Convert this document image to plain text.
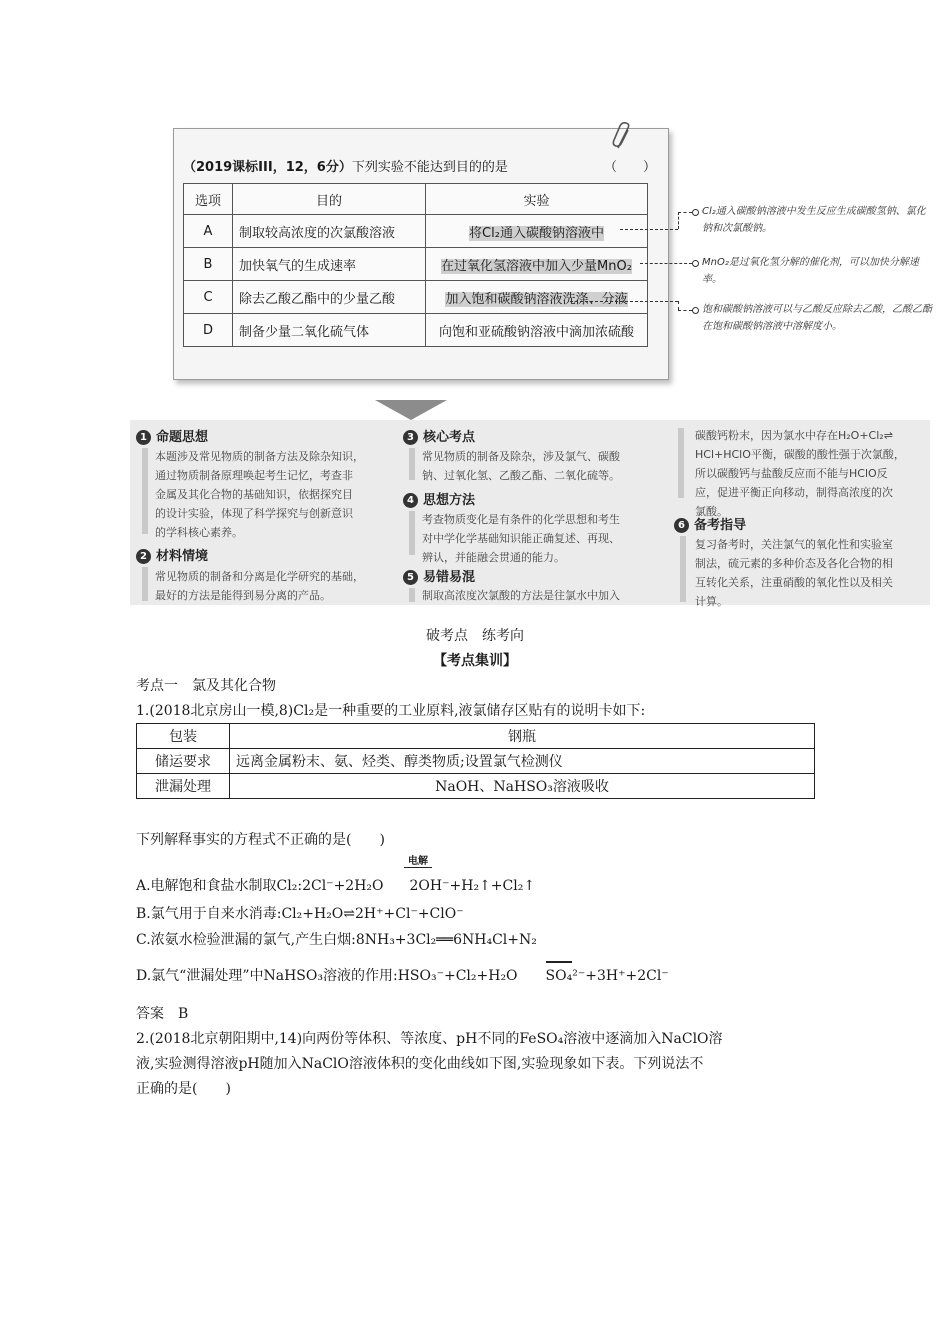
（2019课标III，12，6分）下列实验不能达到目的的是	（　　）
选项	目的	实验
A	制取较高浓度的次氯酸溶液	将Cl₂通入碳酸钠溶液中
B	加快氧气的生成速率	在过氧化氢溶液中加入少量MnO₂
C	除去乙酸乙酯中的少量乙酸	加入饱和碳酸钠溶液洗涤、分液
D	制备少量二氧化硫气体	向饱和亚硫酸钠溶液中滴加浓硫酸
Cl₂通入碳酸钠溶液中发生反应生成碳酸氢钠、氯化钠和次氯酸钠。
MnO₂是过氧化氢分解的催化剂，可以加快分解速率。
饱和碳酸钠溶液可以与乙酸反应除去乙酸，乙酸乙酯在饱和碳酸钠溶液中溶解度小。
1 命题思想
本题涉及常见物质的制备方法及除杂知识，
通过物质制备原理唤起考生记忆，考查非
金属及其化合物的基础知识，依据探究目
的设计实验，体现了科学探究与创新意识
的学科核心素养。
2 材料情境
常见物质的制备和分离是化学研究的基础，
最好的方法是能得到易分离的产品。
3 核心考点
常见物质的制备及除杂，涉及氯气、碳酸
钠、过氧化氢、乙酸乙酯、二氧化硫等。
4 思想方法
考查物质变化是有条件的化学思想和考生
对中学化学基础知识能正确复述、再现、
辨认，并能融会贯通的能力。
5 易错易混
制取高浓度次氯酸的方法是往氯水中加入
碳酸钙粉末，因为氯水中存在H₂O+Cl₂⇌
HCl+HClO平衡，碳酸的酸性强于次氯酸，
所以碳酸钙与盐酸反应而不能与HClO反
应，促进平衡正向移动，制得高浓度的次
氯酸。
6 备考指导
复习备考时，关注氯气的氧化性和实验室
制法，硫元素的多种价态及各化合物的相
互转化关系，注重硝酸的氧化性以及相关
计算。
破考点　练考向
【考点集训】
考点一　氯及其化合物
1.(2018北京房山一模,8)Cl₂是一种重要的工业原料,液氯储存区贴有的说明卡如下:
包装	钢瓶
储运要求	远离金属粉末、氨、烃类、醇类物质;设置氯气检测仪
泄漏处理	NaOH、NaHSO₃溶液吸收
下列解释事实的方程式不正确的是(　　)
电解
A.电解饱和食盐水制取Cl₂:2Cl⁻+2H₂O 2OH⁻+H₂↑+Cl₂↑
B.氯气用于自来水消毒:Cl₂+H₂O⇌2H⁺+Cl⁻+ClO⁻
C.浓氨水检验泄漏的氯气,产生白烟:8NH₃+3Cl₂══6NH₄Cl+N₂
D.氯气“泄漏处理”中NaHSO₃溶液的作用:HSO₃⁻+Cl₂+H₂O SO₄²⁻+3H⁺+2Cl⁻
答案　B
2.(2018北京朝阳期中,14)向两份等体积、等浓度、pH不同的FeSO₄溶液中逐滴加入NaClO溶
液,实验测得溶液pH随加入NaClO溶液体积的变化曲线如下图,实验现象如下表。下列说法不
正确的是(　　)
